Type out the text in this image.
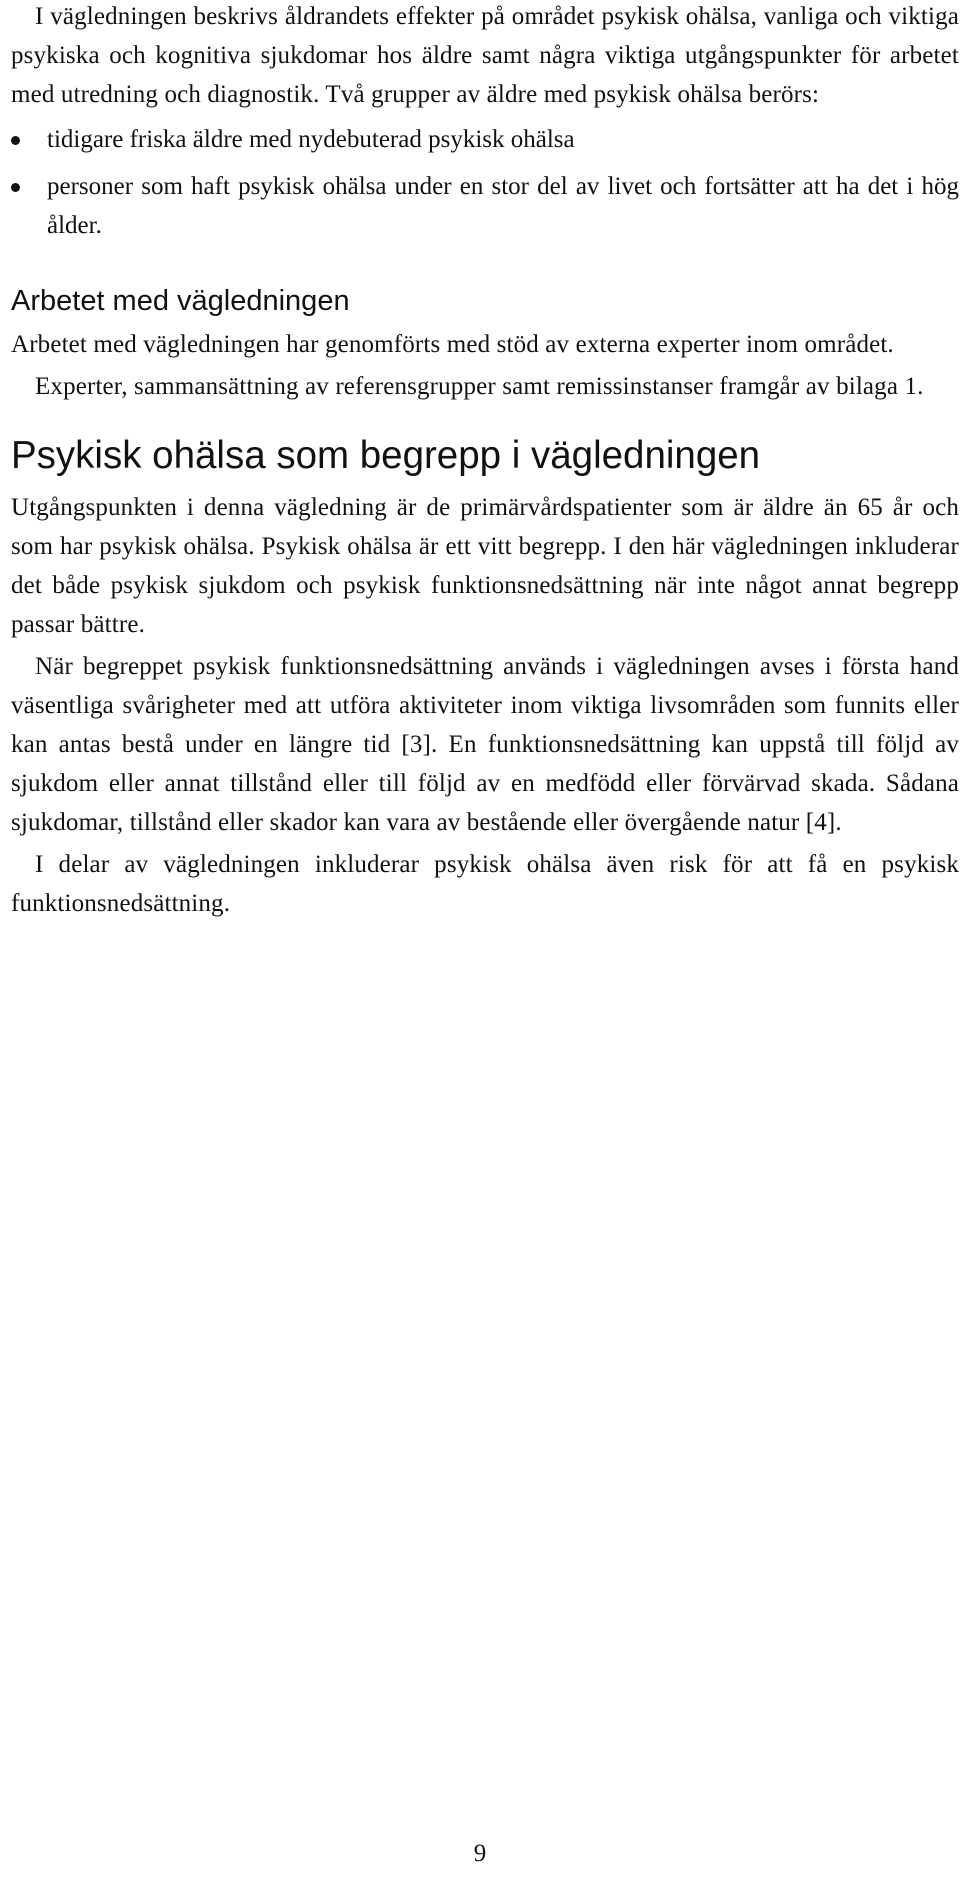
I vägledningen beskrivs åldrandets effekter på området psykisk ohälsa, vanliga och viktiga psykiska och kognitiva sjukdomar hos äldre samt några viktiga utgångspunkter för arbetet med utredning och diagnostik. Två grupper av äldre med psykisk ohälsa berörs:

tidigare friska äldre med nydebuterad psykisk ohälsa
personer som haft psykisk ohälsa under en stor del av livet och fortsätter att ha det i hög ålder.
Arbetet med vägledningen

Arbetet med vägledningen har genomförts med stöd av externa experter inom området.

Experter, sammansättning av referensgrupper samt remissinstanser framgår av bilaga 1.

Psykisk ohälsa som begrepp i vägledningen

Utgångspunkten i denna vägledning är de primärvårdspatienter som är äldre än 65 år och som har psykisk ohälsa. Psykisk ohälsa är ett vitt begrepp. I den här vägledningen inkluderar det både psykisk sjukdom och psykisk funktionsnedsättning när inte något annat begrepp passar bättre.

När begreppet psykisk funktionsnedsättning används i vägledningen avses i första hand väsentliga svårigheter med att utföra aktiviteter inom viktiga livsområden som funnits eller kan antas bestå under en längre tid [3]. En funktionsnedsättning kan uppstå till följd av sjukdom eller annat tillstånd eller till följd av en medfödd eller förvärvad skada. Sådana sjukdomar, tillstånd eller skador kan vara av bestående eller övergående natur [4].

I delar av vägledningen inkluderar psykisk ohälsa även risk för att få en psykisk funktionsnedsättning.

9
